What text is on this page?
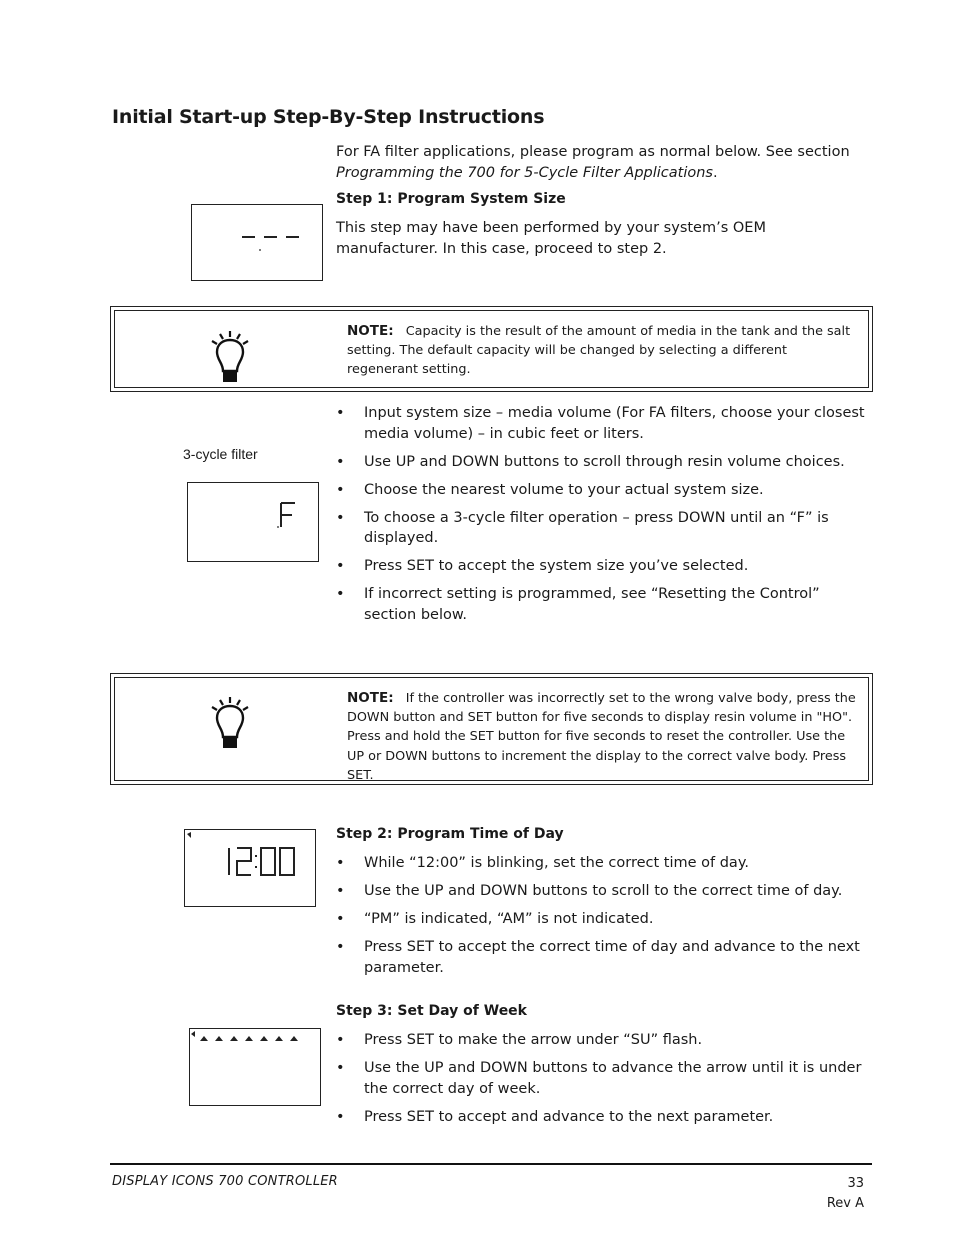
Initial Start-up Step-By-Step Instructions
For FA filter applications, please program as normal below. See section Programming the 700 for 5-Cycle Filter Applications.
Step 1: Program System Size
This step may have been performed by your system’s OEM manufacturer. In this case, proceed to step 2.
NOTE: Capacity is the result of the amount of media in the tank and the salt setting. The default capacity will be changed by selecting a different regenerant setting.
3-cycle filter
• Input system size – media volume (For FA filters, choose your closest media volume) – in cubic feet or liters.
• Use UP and DOWN buttons to scroll through resin volume choices.
• Choose the nearest volume to your actual system size.
• To choose a 3-cycle filter operation – press DOWN until an “F” is displayed.
• Press SET to accept the system size you’ve selected.
• If incorrect setting is programmed, see “Resetting the Control” section below.
NOTE: If the controller was incorrectly set to the wrong valve body, press the DOWN button and SET button for five seconds to display resin volume in "HO". Press and hold the SET button for five seconds to reset the controller. Use the UP or DOWN buttons to increment the display to the correct valve body. Press SET.
Step 2: Program Time of Day
• While “12:00” is blinking, set the correct time of day.
• Use the UP and DOWN buttons to scroll to the correct time of day.
• “PM” is indicated, “AM” is not indicated.
• Press SET to accept the correct time of day and advance to the next parameter.
Step 3: Set Day of Week
• Press SET to make the arrow under “SU” flash.
• Use the UP and DOWN buttons to advance the arrow until it is under the correct day of week.
• Press SET to accept and advance to the next parameter.
DISPLAY ICONS 700 CONTROLLER	33
Rev A
